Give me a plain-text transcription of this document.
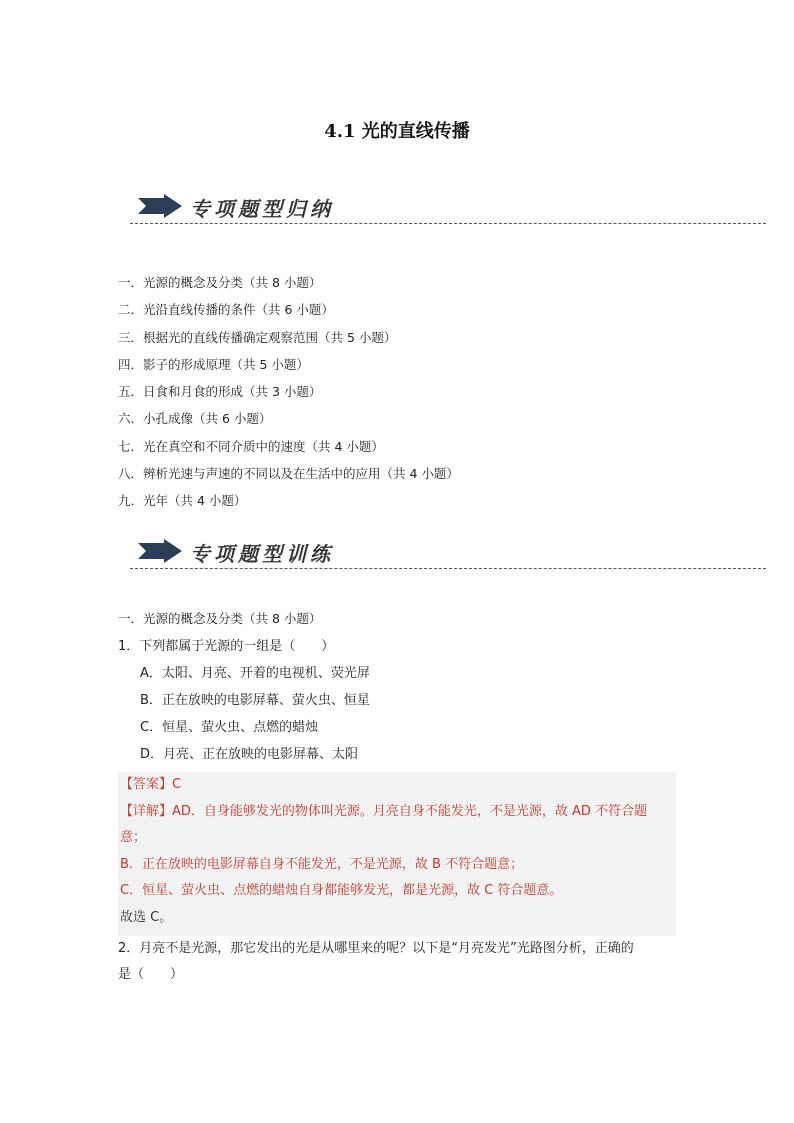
4.1 光的直线传播
专项题型归纳
一．光源的概念及分类（共 8 小题）
二．光沿直线传播的条件（共 6 小题）
三．根据光的直线传播确定观察范围（共 5 小题）
四．影子的形成原理（共 5 小题）
五．日食和月食的形成（共 3 小题）
六．小孔成像（共 6 小题）
七．光在真空和不同介质中的速度（共 4 小题）
八．辨析光速与声速的不同以及在生活中的应用（共 4 小题）
九．光年（共 4 小题）
专项题型训练
一．光源的概念及分类（共 8 小题）
1．下列都属于光源的一组是（　　）
A．太阳、月亮、开着的电视机、荧光屏
B．正在放映的电影屏幕、萤火虫、恒星
C．恒星、萤火虫、点燃的蜡烛
D．月亮、正在放映的电影屏幕、太阳
【答案】C
【详解】AD．自身能够发光的物体叫光源。月亮自身不能发光，不是光源，故 AD 不符合题
意；
B．正在放映的电影屏幕自身不能发光，不是光源，故 B 不符合题意；
C．恒星、萤火虫、点燃的蜡烛自身都能够发光，都是光源，故 C 符合题意。
故选 C。
2．月亮不是光源，那它发出的光是从哪里来的呢？以下是“月亮发光”光路图分析，正确的
是（　　）
